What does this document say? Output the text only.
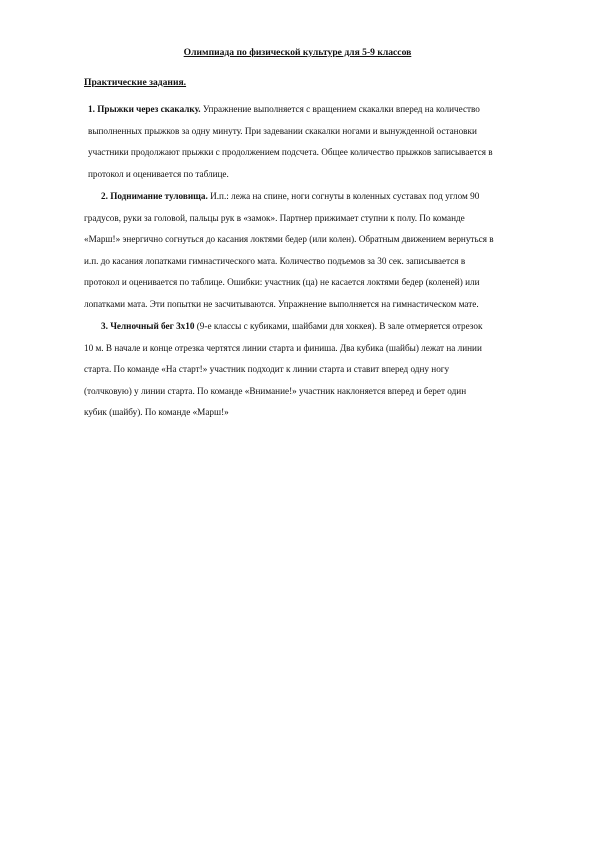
Олимпиада по физической культуре для 5-9 классов
Практические задания.
1. Прыжки через скакалку. Упражнение выполняется с вращением скакалки вперед на количество
выполненных прыжков за одну минуту. При задевании скакалки ногами и вынужденной остановки
участники продолжают прыжки с продолжением подсчета. Общее количество прыжков записывается в
протокол и оценивается по таблице.
2. Поднимание туловища. И.п.: лежа на спине, ноги согнуты в коленных суставах под углом 90
градусов, руки за головой, пальцы рук в «замок». Партнер прижимает ступни к полу. По команде
«Марш!» энергично согнуться до касания локтями бедер (или колен). Обратным движением вернуться в
и.п. до касания лопатками гимнастического мата. Количество подъемов за 30 сек. записывается в
протокол и оценивается по таблице. Ошибки: участник (ца) не касается локтями бедер (коленей) или
лопатками мата. Эти попытки не засчитываются. Упражнение выполняется на гимнастическом мате.
3. Челночный бег 3х10 (9-е классы с кубиками, шайбами для хоккея). В зале отмеряется отрезок
10 м. В начале и конце отрезка чертятся линии старта и финиша. Два кубика (шайбы) лежат на линии
старта. По команде «На старт!» участник подходит к линии старта и ставит вперед одну ногу
(толчковую) у линии старта. По команде «Внимание!» участник наклоняется вперед и берет один
кубик (шайбу). По команде «Марш!»
